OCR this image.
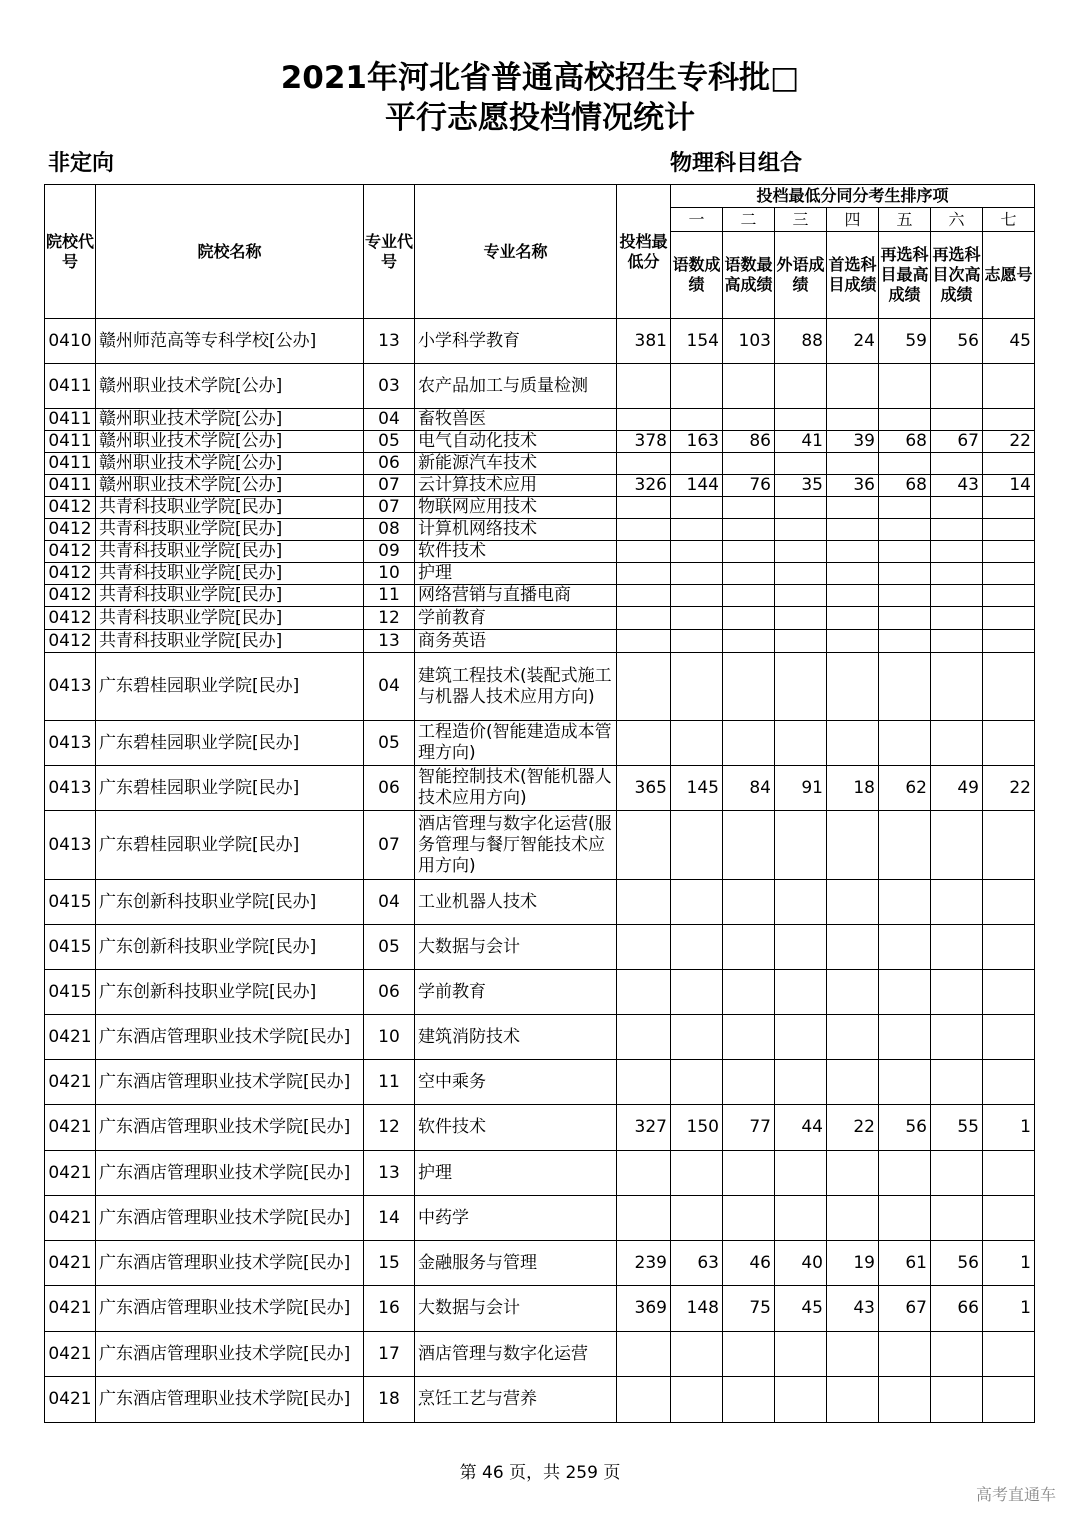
2021年河北省普通高校招生专科批□
平行志愿投档情况统计
非定向	物理科目组合
院校代号	院校名称	专业代号	专业名称	投档最低分	投档最低分同分考生排序项						
					一	二	三	四	五	六	七
					语数成绩	语数最高成绩	外语成绩	首选科目成绩	再选科目最高成绩	再选科目次高成绩	志愿号
0410	赣州师范高等专科学校[公办]	13	小学科学教育	381	154	103	88	24	59	56	45
0411	赣州职业技术学院[公办]	03	农产品加工与质量检测								
0411	赣州职业技术学院[公办]	04	畜牧兽医								
0411	赣州职业技术学院[公办]	05	电气自动化技术	378	163	86	41	39	68	67	22
0411	赣州职业技术学院[公办]	06	新能源汽车技术								
0411	赣州职业技术学院[公办]	07	云计算技术应用	326	144	76	35	36	68	43	14
0412	共青科技职业学院[民办]	07	物联网应用技术								
0412	共青科技职业学院[民办]	08	计算机网络技术								
0412	共青科技职业学院[民办]	09	软件技术								
0412	共青科技职业学院[民办]	10	护理								
0412	共青科技职业学院[民办]	11	网络营销与直播电商								
0412	共青科技职业学院[民办]	12	学前教育								
0412	共青科技职业学院[民办]	13	商务英语								
0413	广东碧桂园职业学院[民办]	04	建筑工程技术(装配式施工与机器人技术应用方向)								
0413	广东碧桂园职业学院[民办]	05	工程造价(智能建造成本管理方向)								
0413	广东碧桂园职业学院[民办]	06	智能控制技术(智能机器人技术应用方向)	365	145	84	91	18	62	49	22
0413	广东碧桂园职业学院[民办]	07	酒店管理与数字化运营(服务管理与餐厅智能技术应用方向)								
0415	广东创新科技职业学院[民办]	04	工业机器人技术								
0415	广东创新科技职业学院[民办]	05	大数据与会计								
0415	广东创新科技职业学院[民办]	06	学前教育								
0421	广东酒店管理职业技术学院[民办]	10	建筑消防技术								
0421	广东酒店管理职业技术学院[民办]	11	空中乘务								
0421	广东酒店管理职业技术学院[民办]	12	软件技术	327	150	77	44	22	56	55	1
0421	广东酒店管理职业技术学院[民办]	13	护理								
0421	广东酒店管理职业技术学院[民办]	14	中药学								
0421	广东酒店管理职业技术学院[民办]	15	金融服务与管理	239	63	46	40	19	61	56	1
0421	广东酒店管理职业技术学院[民办]	16	大数据与会计	369	148	75	45	43	67	66	1
0421	广东酒店管理职业技术学院[民办]	17	酒店管理与数字化运营								
0421	广东酒店管理职业技术学院[民办]	18	烹饪工艺与营养								
第 46 页，共 259 页
高考直通车
